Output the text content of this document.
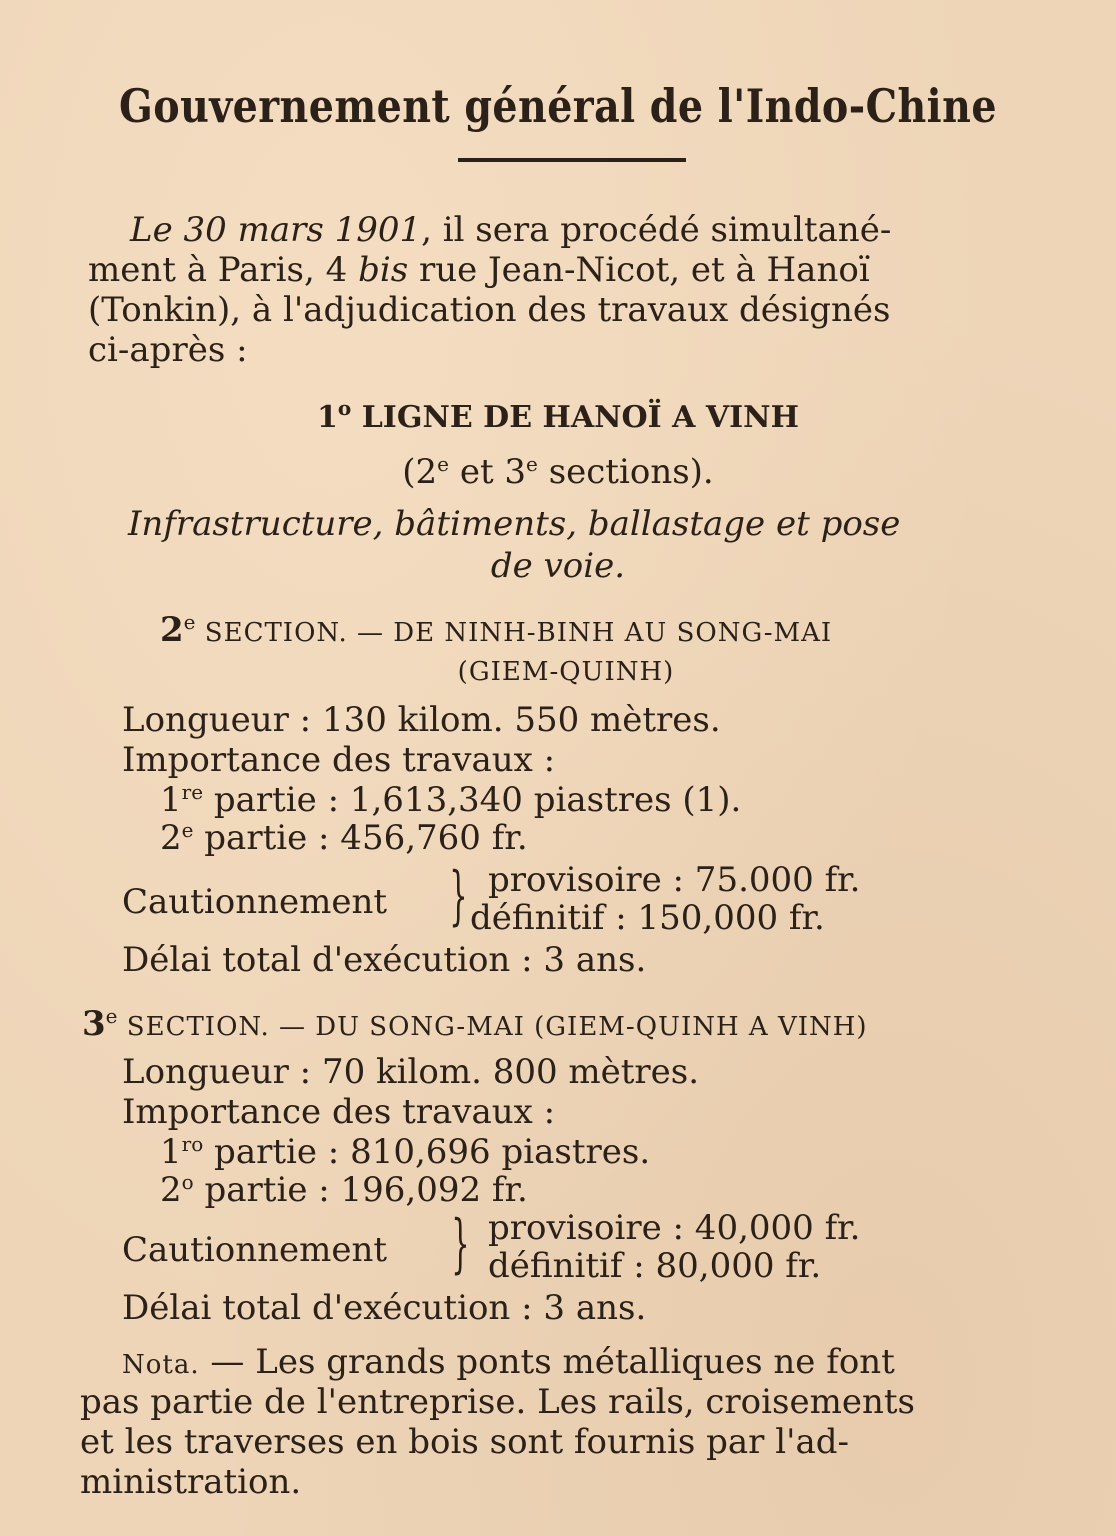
Gouvernement général de l'Indo-Chine
Le 30 mars 1901, il sera procédé simultané-
ment à Paris, 4 bis rue Jean-Nicot, et à Hanoï
(Tonkin), à l'adjudication des travaux désignés
ci-après :
1$^o$ LIGNE DE HANOÏ A VINH
(2e et 3e sections).
Infrastructure, bâtiments, ballastage et pose
de voie.
2e SECTION. — DE NINH-BINH AU SONG-MAI
(GIEM-QUINH)
Longueur : 130 kilom. 550 mètres.
Importance des travaux :
1re partie : 1,613,340 piastres (1).
2e partie : 456,760 fr.
Cautionnement } provisoire : 75.000 fr.
définitif : 150,000 fr.
Délai total d'exécution : 3 ans.
3e SECTION. — DU SONG-MAI (GIEM-QUINH A VINH)
Longueur : 70 kilom. 800 mètres.
Importance des travaux :
$1^{ro}$ partie : 810,696 piastres.
2$^o$ partie : 196,092 fr.
Cautionnement } provisoire : 40,000 fr.
définitif : 80,000 fr.
Délai total d'exécution : 3 ans.
Nota. — Les grands ponts métalliques ne font
pas partie de l'entreprise. Les rails, croisements
et les traverses en bois sont fournis par l'ad-
ministration.
